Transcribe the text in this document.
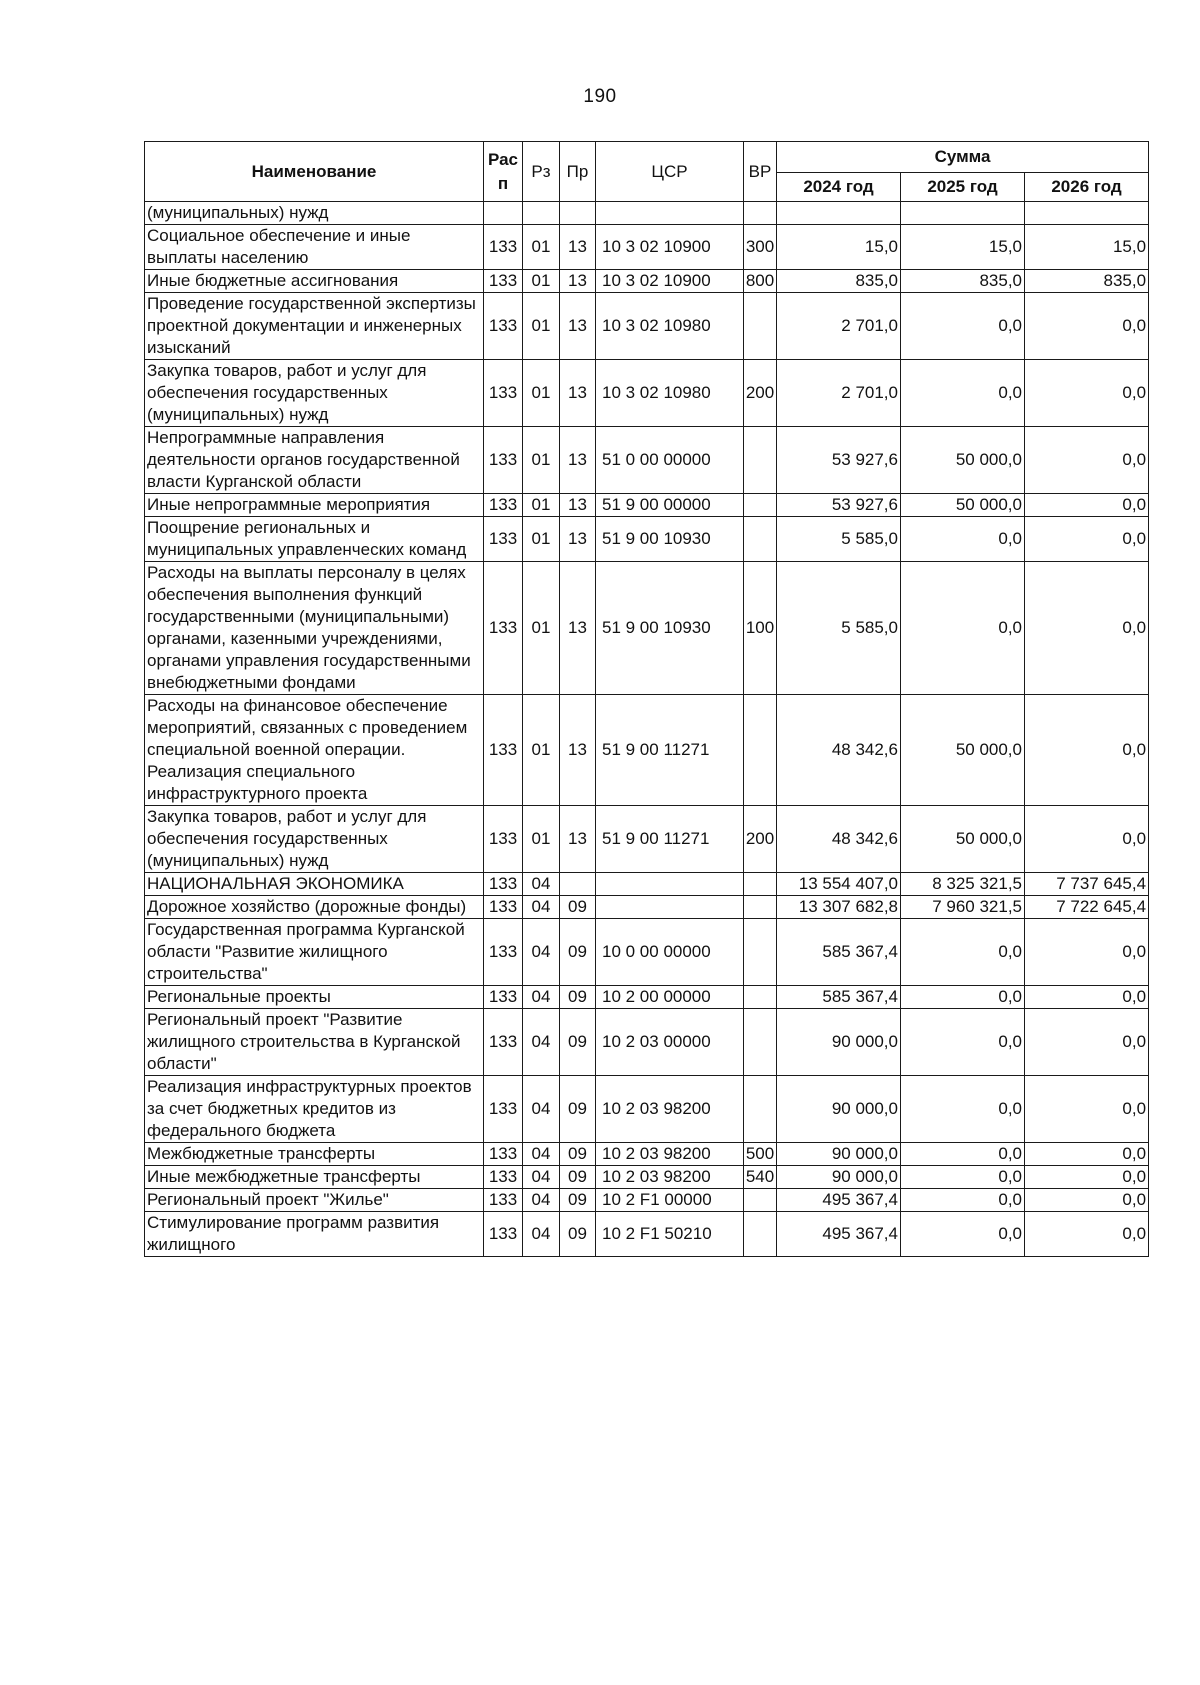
190
Наименование	Рас п	Рз	Пр	ЦСР	ВР	Сумма		
						2024 год	2025 год	2026 год
(муниципальных) нужд								
Социальное обеспечение и иные выплаты населению	133	01	13	10 3 02 10900	300	15,0	15,0	15,0
Иные бюджетные ассигнования	133	01	13	10 3 02 10900	800	835,0	835,0	835,0
Проведение государственной экспертизы проектной документации и инженерных изысканий	133	01	13	10 3 02 10980		2 701,0	0,0	0,0
Закупка товаров, работ и услуг для обеспечения государственных (муниципальных) нужд	133	01	13	10 3 02 10980	200	2 701,0	0,0	0,0
Непрограммные направления деятельности органов государственной власти Курганской области	133	01	13	51 0 00 00000		53 927,6	50 000,0	0,0
Иные непрограммные мероприятия	133	01	13	51 9 00 00000		53 927,6	50 000,0	0,0
Поощрение региональных и муниципальных управленческих команд	133	01	13	51 9 00 10930		5 585,0	0,0	0,0
Расходы на выплаты персоналу в целях обеспечения выполнения функций государственными (муниципальными) органами, казенными учреждениями, органами управления государственными внебюджетными фондами	133	01	13	51 9 00 10930	100	5 585,0	0,0	0,0
Расходы на финансовое обеспечение мероприятий, связанных с проведением специальной военной операции. Реализация специального инфраструктурного проекта	133	01	13	51 9 00 11271		48 342,6	50 000,0	0,0
Закупка товаров, работ и услуг для обеспечения государственных (муниципальных) нужд	133	01	13	51 9 00 11271	200	48 342,6	50 000,0	0,0
НАЦИОНАЛЬНАЯ ЭКОНОМИКА	133	04				13 554 407,0	8 325 321,5	7 737 645,4
Дорожное хозяйство (дорожные фонды)	133	04	09			13 307 682,8	7 960 321,5	7 722 645,4
Государственная программа Курганской области "Развитие жилищного строительства"	133	04	09	10 0 00 00000		585 367,4	0,0	0,0
Региональные проекты	133	04	09	10 2 00 00000		585 367,4	0,0	0,0
Региональный проект "Развитие жилищного строительства в Курганской области"	133	04	09	10 2 03 00000		90 000,0	0,0	0,0
Реализация инфраструктурных проектов за счет бюджетных кредитов из федерального бюджета	133	04	09	10 2 03 98200		90 000,0	0,0	0,0
Межбюджетные трансферты	133	04	09	10 2 03 98200	500	90 000,0	0,0	0,0
Иные межбюджетные трансферты	133	04	09	10 2 03 98200	540	90 000,0	0,0	0,0
Региональный проект "Жилье"	133	04	09	10 2 F1 00000		495 367,4	0,0	0,0
Стимулирование программ развития жилищного	133	04	09	10 2 F1 50210		495 367,4	0,0	0,0
